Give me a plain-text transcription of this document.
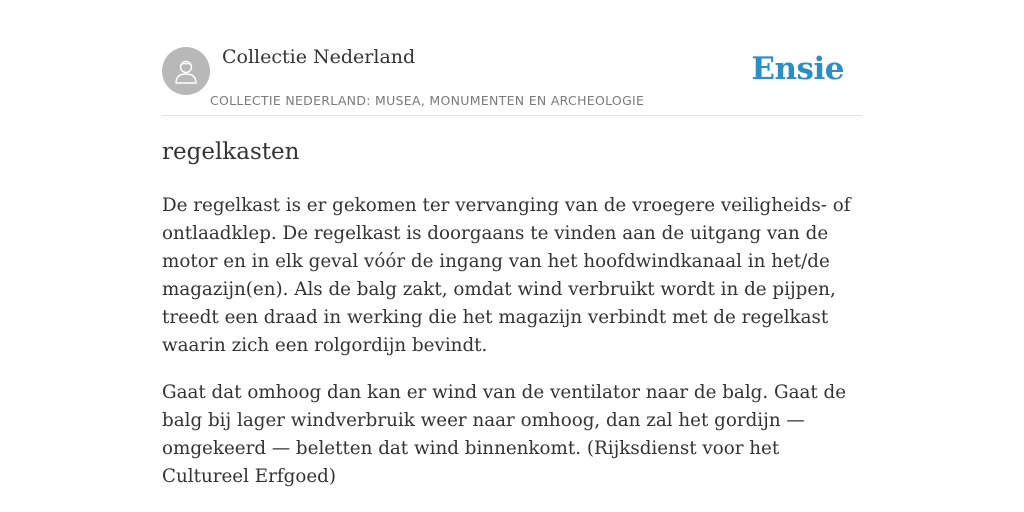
Collectie Nederland
COLLECTIE NEDERLAND: MUSEA, MONUMENTEN EN ARCHEOLOGIE
Ensie
regelkasten

De regelkast is er gekomen ter vervanging van de vroegere veiligheids- of ontlaadklep. De regelkast is doorgaans te vinden aan de uitgang van de motor en in elk geval vóór de ingang van het hoofdwindkanaal in het/de magazijn(en). Als de balg zakt, omdat wind verbruikt wordt in de pijpen, treedt een draad in werking die het magazijn verbindt met de regelkast waarin zich een rolgordijn bevindt.

Gaat dat omhoog dan kan er wind van de ventilator naar de balg. Gaat de balg bij lager windverbruik weer naar omhoog, dan zal het gordijn — omgekeerd — beletten dat wind binnenkomt. (Rijksdienst voor het Cultureel Erfgoed)
